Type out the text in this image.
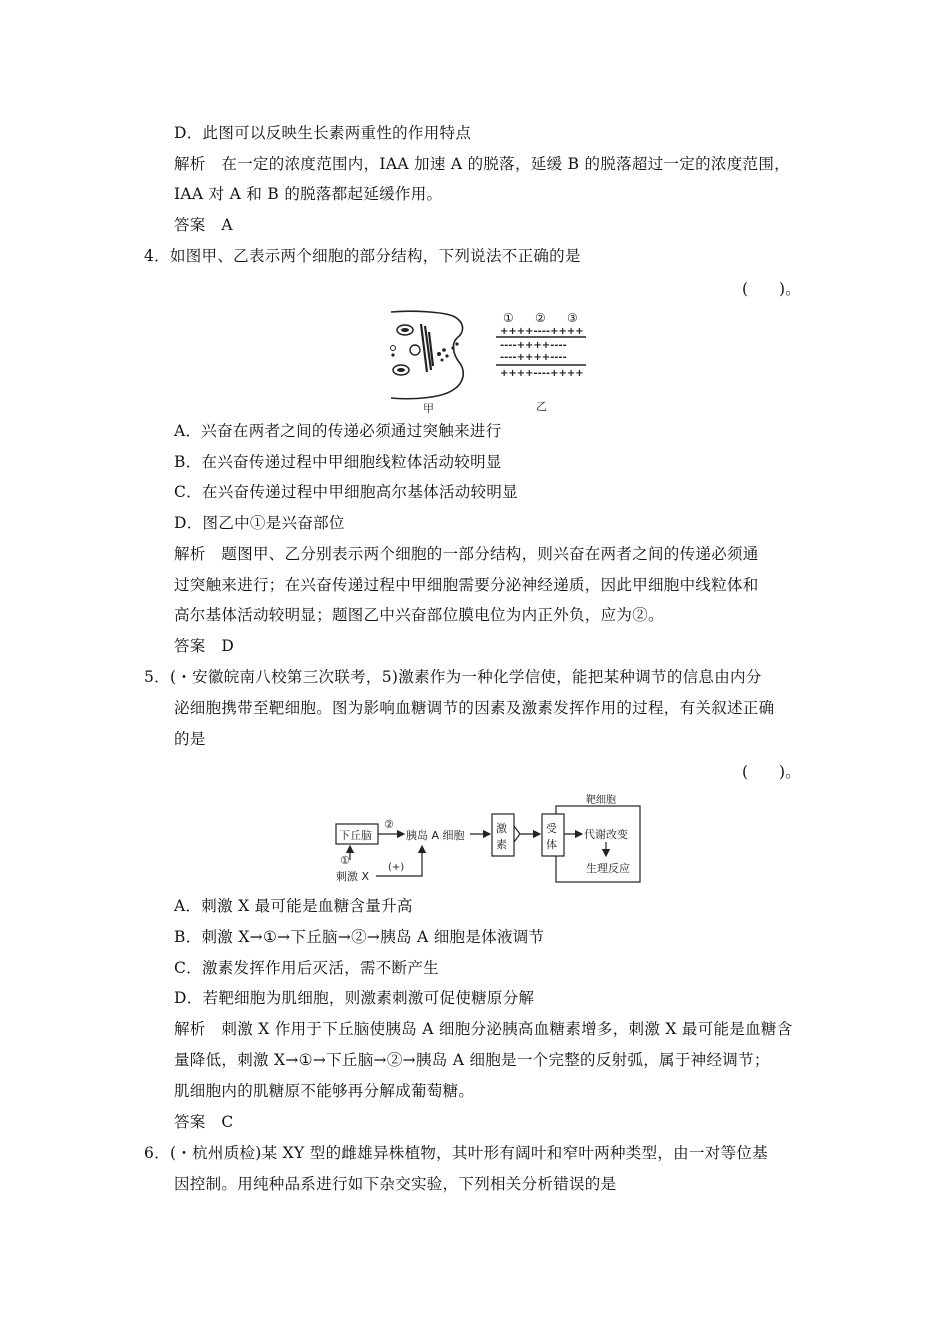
D．此图可以反映生长素两重性的作用特点
解析　在一定的浓度范围内，IAA 加速 A 的脱落，延缓 B 的脱落超过一定的浓度范围，
IAA 对 A 和 B 的脱落都起延缓作用。
答案　A
4．如图甲、乙表示两个细胞的部分结构，下列说法不正确的是
(　　)。
甲
① ② ③
++++----++++
----++++----
----++++----
++++----++++
乙
A．兴奋在两者之间的传递必须通过突触来进行
B．在兴奋传递过程中甲细胞线粒体活动较明显
C．在兴奋传递过程中甲细胞高尔基体活动较明显
D．图乙中①是兴奋部位
解析　题图甲、乙分别表示两个细胞的一部分结构，则兴奋在两者之间的传递必须通
过突触来进行；在兴奋传递过程中甲细胞需要分泌神经递质，因此甲细胞中线粒体和
高尔基体活动较明显；题图乙中兴奋部位膜电位为内正外负，应为②。
答案　D
5．(・安徽皖南八校第三次联考，5)激素作为一种化学信使，能把某种调节的信息由内分
泌细胞携带至靶细胞。图为影响血糖调节的因素及激素发挥作用的过程，有关叙述正确
的是
(　　)。
下丘脑
②
胰岛 A 细胞
激
素
靶细胞
受
体
代谢改变
生理反应
①
刺激 X
(+)
A．刺激 X 最可能是血糖含量升高
B．刺激 X→①→下丘脑→②→胰岛 A 细胞是体液调节
C．激素发挥作用后灭活，需不断产生
D．若靶细胞为肌细胞，则激素刺激可促使糖原分解
解析　刺激 X 作用于下丘脑使胰岛 A 细胞分泌胰高血糖素增多，刺激 X 最可能是血糖含
量降低，刺激 X→①→下丘脑→②→胰岛 A 细胞是一个完整的反射弧，属于神经调节；
肌细胞内的肌糖原不能够再分解成葡萄糖。
答案　C
6．(・杭州质检)某 XY 型的雌雄异株植物，其叶形有阔叶和窄叶两种类型，由一对等位基
因控制。用纯种品系进行如下杂交实验，下列相关分析错误的是
